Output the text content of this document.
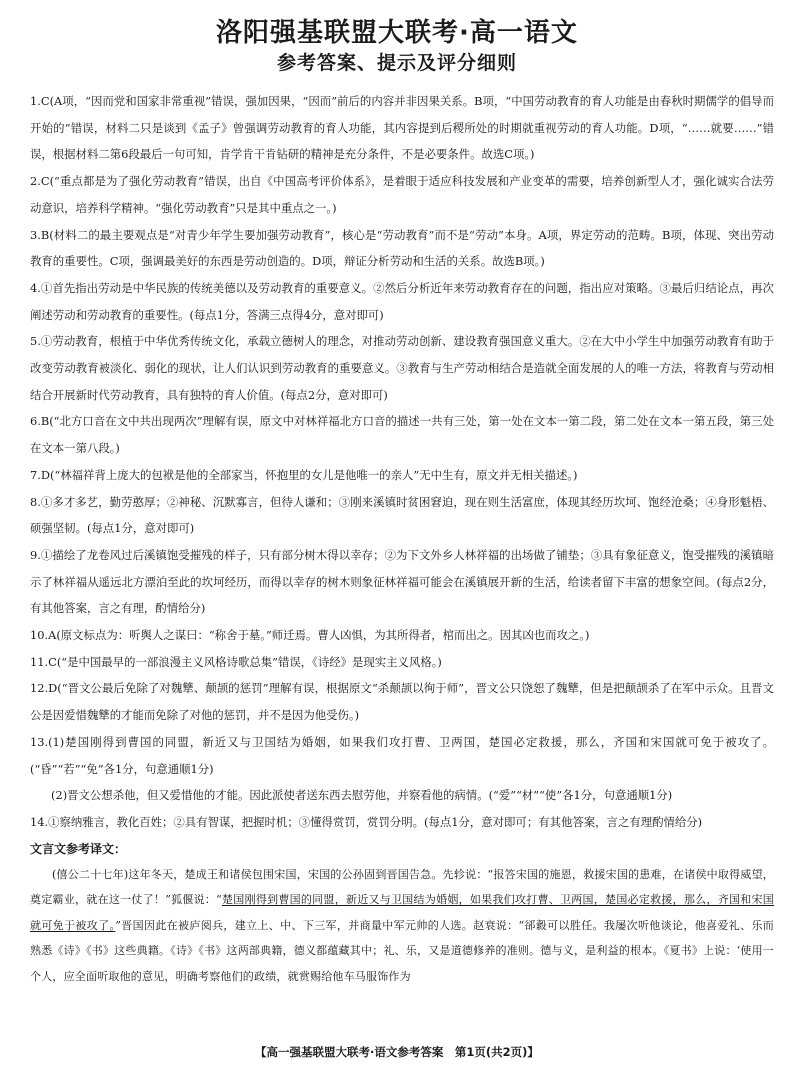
洛阳强基联盟大联考·高一语文
参考答案、提示及评分细则
1.C(A项，“因而党和国家非常重视”错误，强加因果，“因而”前后的内容并非因果关系。B项，“中国劳动教育的育人功能是由春秋时期儒学的倡导而开始的”错误，材料二只是谈到《孟子》曾强调劳动教育的育人功能，其内容提到后稷所处的时期就重视劳动的育人功能。D项，“……就要……”错误，根据材料二第6段最后一句可知，肯学肯干肯钻研的精神是充分条件，不是必要条件。故选C项。)
2.C(“重点都是为了强化劳动教育”错误，出自《中国高考评价体系》，是着眼于适应科技发展和产业变革的需要，培养创新型人才，强化诚实合法劳动意识，培养科学精神。“强化劳动教育”只是其中重点之一。)
3.B(材料二的最主要观点是“对青少年学生要加强劳动教育”，核心是“劳动教育”而不是“劳动”本身。A项，界定劳动的范畴。B项，体现、突出劳动教育的重要性。C项，强调最美好的东西是劳动创造的。D项，辩证分析劳动和生活的关系。故选B项。)
4.①首先指出劳动是中华民族的传统美德以及劳动教育的重要意义。②然后分析近年来劳动教育存在的问题，指出应对策略。③最后归结论点，再次阐述劳动和劳动教育的重要性。(每点1分，答满三点得4分，意对即可)
5.①劳动教育，根植于中华优秀传统文化，承载立德树人的理念，对推动劳动创新、建设教育强国意义重大。②在大中小学生中加强劳动教育有助于改变劳动教育被淡化、弱化的现状，让人们认识到劳动教育的重要意义。③教育与生产劳动相结合是造就全面发展的人的唯一方法，将教育与劳动相结合开展新时代劳动教育，具有独特的育人价值。(每点2分，意对即可)
6.B(“北方口音在文中共出现两次”理解有误，原文中对林祥福北方口音的描述一共有三处，第一处在文本一第二段，第二处在文本一第五段，第三处在文本一第八段。)
7.D(“林福祥背上庞大的包袱是他的全部家当，怀抱里的女儿是他唯一的亲人”无中生有，原文并无相关描述。)
8.①多才多艺，勤劳憨厚；②神秘、沉默寡言，但待人谦和；③刚来溪镇时贫困窘迫，现在则生活富庶，体现其经历坎坷、饱经沧桑；④身形魁梧、硕强坚韧。(每点1分，意对即可)
9.①描绘了龙卷风过后溪镇饱受摧残的样子，只有部分树木得以幸存；②为下文外乡人林祥福的出场做了铺垫；③具有象征意义，饱受摧残的溪镇暗示了林祥福从遥远北方漂泊至此的坎坷经历，而得以幸存的树木则象征林祥福可能会在溪镇展开新的生活，给读者留下丰富的想象空间。(每点2分，有其他答案，言之有理，酌情给分)
10.A(原文标点为：听舆人之谋曰：“称舍于墓。”师迁焉。曹人凶惧，为其所得者，棺而出之。因其凶也而攻之。)
11.C(“是中国最早的一部浪漫主义风格诗歌总集”错误，《诗经》是现实主义风格。)
12.D(“晋文公最后免除了对魏犨、颠颉的惩罚”理解有误，根据原文“杀颠颉以徇于师”，晋文公只饶恕了魏犨，但是把颠颉杀了在军中示众。且晋文公是因爱惜魏犨的才能而免除了对他的惩罚，并不是因为他受伤。)
13.(1)楚国刚得到曹国的同盟，新近又与卫国结为婚姻，如果我们攻打曹、卫两国，楚国必定救援，那么，齐国和宋国就可免于被攻了。(“昏”“若”“免”各1分，句意通顺1分)
(2)晋文公想杀他，但又爱惜他的才能。因此派使者送东西去慰劳他，并察看他的病情。(“爱”“材”“使”各1分，句意通顺1分)
14.①察纳雅言，教化百姓；②具有智谋，把握时机；③懂得赏罚，赏罚分明。(每点1分，意对即可；有其他答案，言之有理酌情给分)
文言文参考译文：
(僖公二十七年)这年冬天，楚成王和诸侯包围宋国，宋国的公孙固到晋国告急。先轸说：“报答宋国的施恩，救援宋国的患难，在诸侯中取得威望，奠定霸业，就在这一仗了！”狐偃说：“楚国刚得到曹国的同盟，新近又与卫国结为婚姻，如果我们攻打曹、卫两国，楚国必定救援，那么，齐国和宋国就可免于被攻了。”晋国因此在被庐阅兵，建立上、中、下三军，并商量中军元帅的人选。赵衰说：“郤縠可以胜任。我屡次听他谈论，他喜爱礼、乐而熟悉《诗》《书》这些典籍。《诗》《书》这两部典籍，德义都蕴藏其中；礼、乐，又是道德修养的准则。德与义，是利益的根本。《夏书》上说：‘使用一个人，应全面听取他的意见，明确考察他们的政绩，就赏赐给他车马服饰作为
【高一强基联盟大联考·语文参考答案　第1页(共2页)】
